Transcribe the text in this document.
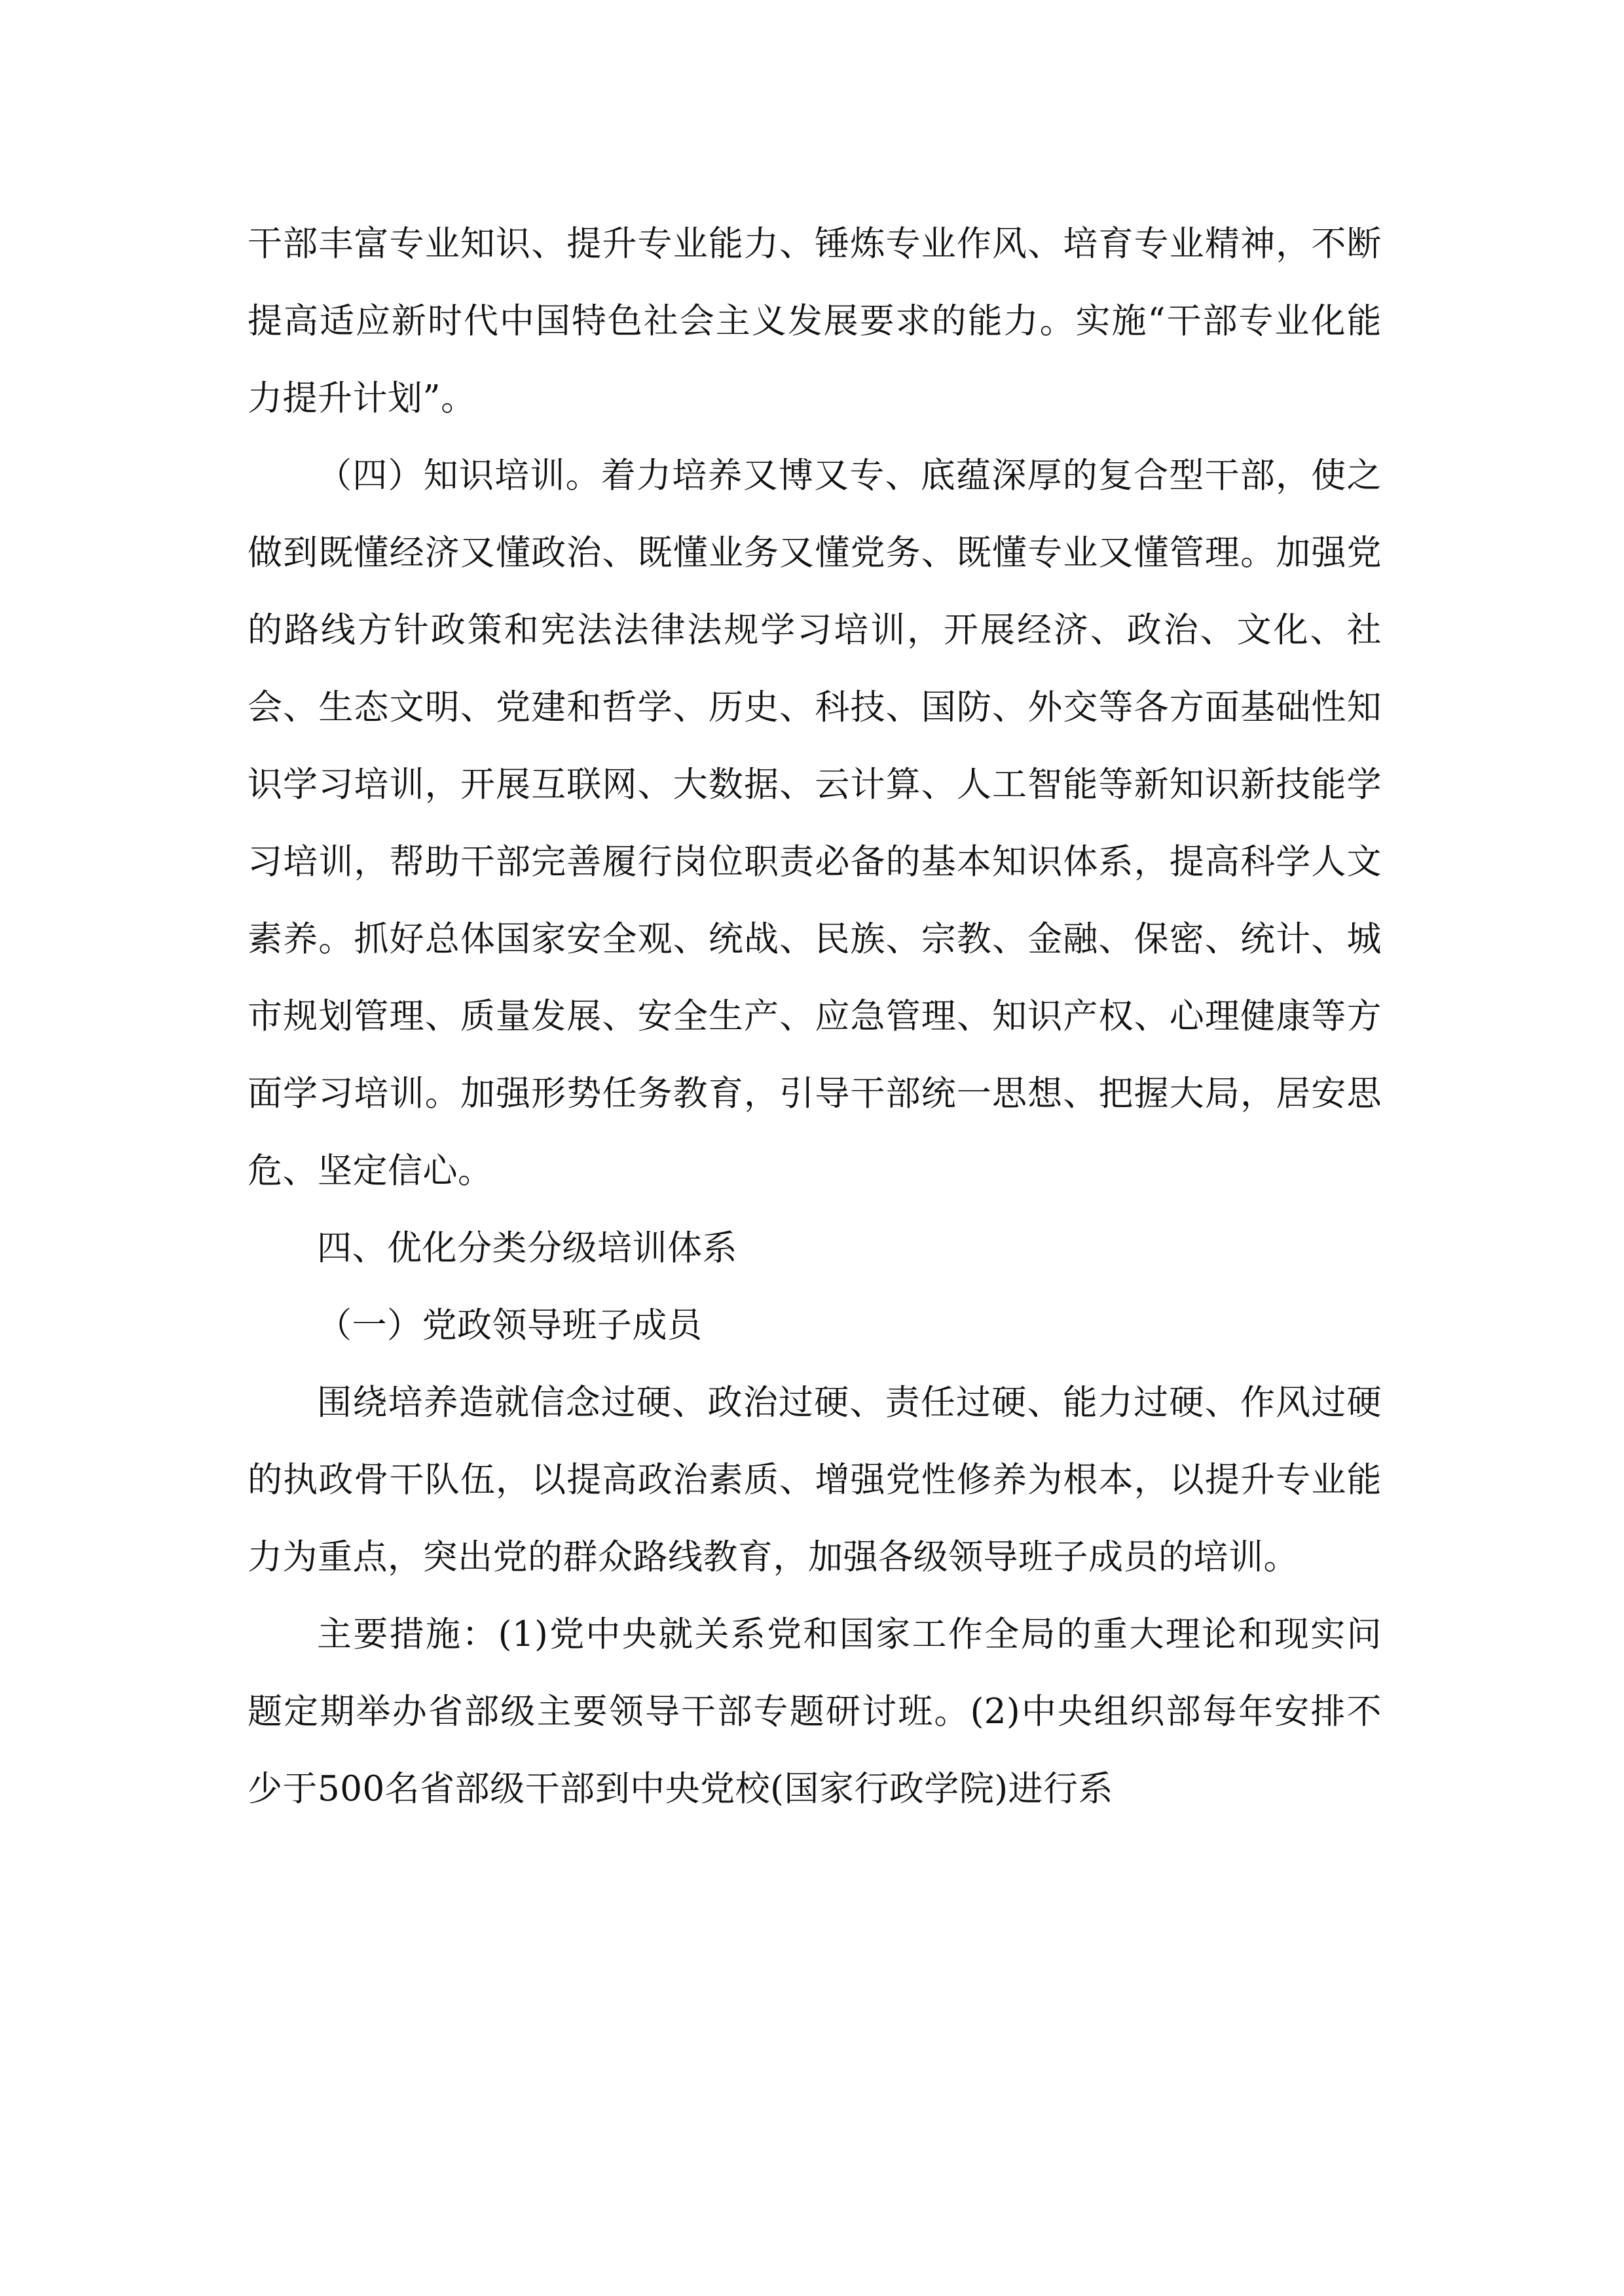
干部丰富专业知识、提升专业能力、锤炼专业作风、培育专业精神，不断提高适应新时代中国特色社会主义发展要求的能力。实施“干部专业化能力提升计划”。

（四）知识培训。着力培养又博又专、底蕴深厚的复合型干部，使之做到既懂经济又懂政治、既懂业务又懂党务、既懂专业又懂管理。加强党的路线方针政策和宪法法律法规学习培训，开展经济、政治、文化、社会、生态文明、党建和哲学、历史、科技、国防、外交等各方面基础性知识学习培训，开展互联网、大数据、云计算、人工智能等新知识新技能学习培训，帮助干部完善履行岗位职责必备的基本知识体系，提高科学人文素养。抓好总体国家安全观、统战、民族、宗教、金融、保密、统计、城市规划管理、质量发展、安全生产、应急管理、知识产权、心理健康等方面学习培训。加强形势任务教育，引导干部统一思想、把握大局，居安思危、坚定信心。

四、优化分类分级培训体系

（一）党政领导班子成员

围绕培养造就信念过硬、政治过硬、责任过硬、能力过硬、作风过硬的执政骨干队伍，以提高政治素质、增强党性修养为根本，以提升专业能力为重点，突出党的群众路线教育，加强各级领导班子成员的培训。

主要措施：(1)党中央就关系党和国家工作全局的重大理论和现实问题定期举办省部级主要领导干部专题研讨班。(2)中央组织部每年安排不少于500名省部级干部到中央党校(国家行政学院)进行系
